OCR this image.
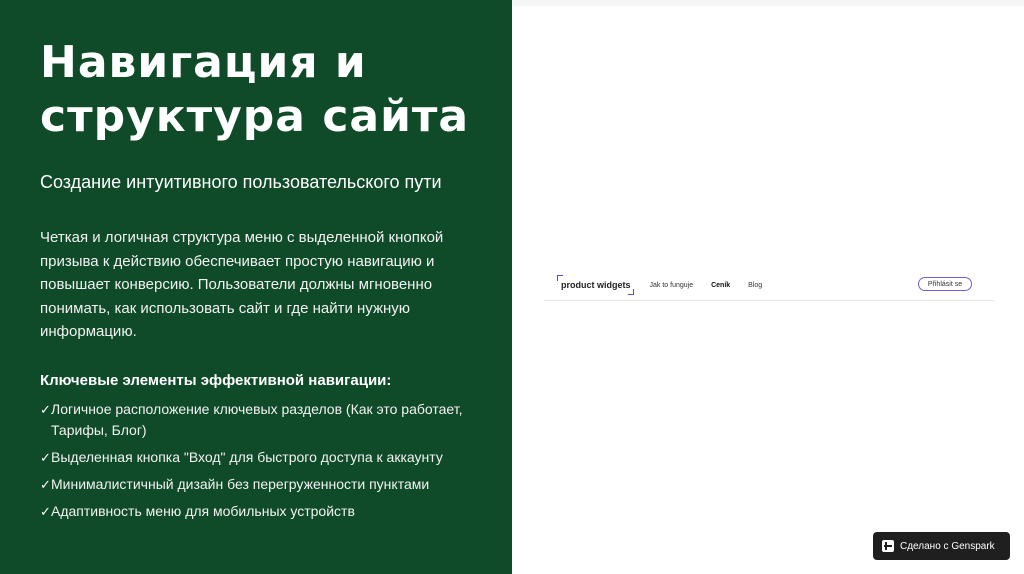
Навигация и
структура сайта

Создание интуитивного пользовательского пути

Четкая и логичная структура меню с выделенной кнопкой призыва к действию обеспечивает простую навигацию и повышает конверсию. Пользователи должны мгновенно понимать, как использовать сайт и где найти нужную информацию.

Ключевые элементы эффективной навигации:

✓ Логичное расположение ключевых разделов (Как это работает, Тарифы, Блог)
✓ Выделенная кнопка "Вход" для быстрого доступа к аккаунту
✓ Минималистичный дизайн без перегруженности пунктами
✓ Адаптивность меню для мобильных устройств
product widgets	Jak to funguje	Ceník	Blog	Přihlásit se
Сделано с Genspark
